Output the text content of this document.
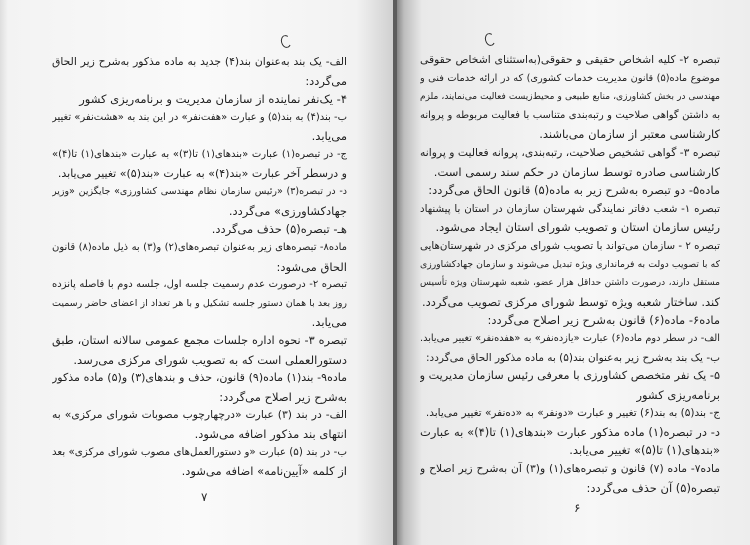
الف- یک بند به‌عنوان بند(۴) جدید به ماده مذکور به‌شرح زیر الحاق
می‌گردد:
۴- یک‌نفر نماینده از سازمان مدیریت و برنامه‌ریزی کشور
ب- بند(۴) به بند(۵) و عبارت «هفت‌نفر» در این بند به «هشت‌نفر» تغییر
می‌یابد.
ج- در تبصره(۱) عبارت «بندهای(۱) تا(۳)» به عبارت «بندهای(۱) تا(۴)»
و درسطر آخر عبارت «بند(۴)» به عبارت «بند(۵)» تغییر می‌یابد.
د- در تبصره(۳) «رئیس سازمان نظام مهندسی کشاورزی» جایگزین «وزیر
جهادکشاورزی» می‌گردد.
هـ- تبصره(۵) حذف می‌گردد.
ماده۸- تبصره‌های زیر به‌عنوان تبصره‌های(۲) و(۳) به ذیل ماده(۸) قانون
الحاق می‌شود:
تبصره ۲- درصورت عدم رسمیت جلسه اول، جلسه دوم با فاصله پانزده
روز بعد با همان دستور جلسه تشکیل و با هر تعداد از اعضای حاضر رسمیت
می‌یابد.
تبصره ۳- نحوه اداره جلسات مجمع عمومی سالانه استان، طبق
دستورالعملی است که به تصویب شورای مرکزی می‌رسد.
ماده۹- بند(۱) ماده(۹) قانون، حذف و بندهای(۳) و(۵) ماده مذکور
به‌شرح زیر اصلاح می‌گردد:
الف- در بند (۳) عبارت «درچهارچوب مصوبات شورای مرکزی» به
انتهای بند مذکور اضافه می‌شود.
ب- در بند (۵) عبارت «و دستورالعمل‌های مصوب شورای مرکزی» بعد
از کلمه «آیین‌نامه» اضافه می‌شود.
۷
تبصره ۲- کلیه اشخاص حقیقی و حقوقی(به‌استثنای اشخاص حقوقی
موضوع ماده(۵) قانون مدیریت خدمات کشوری) که در ارائه خدمات فنی و
مهندسی در بخش کشاورزی، منابع طبیعی و محیط‌زیست فعالیت می‌نمایند، ملزم
به داشتن گواهی صلاحیت و رتبه‌بندی متناسب با فعالیت مربوطه و پروانه
کارشناسی معتبر از سازمان می‌باشند.
تبصره ۳- گواهی تشخیص صلاحیت، رتبه‌بندی، پروانه فعالیت و پروانه
کارشناسی صادره توسط سازمان در حکم سند رسمی است.
ماده۵- دو تبصره به‌شرح زیر به ماده(۵) قانون الحاق می‌گردد:
تبصره ۱- شعب دفاتر نمایندگی شهرستان سازمان در استان با پیشنهاد
رئیس سازمان استان و تصویب شورای استان ایجاد می‌شود.
تبصره ۲ - سازمان می‌تواند با تصویب شورای مرکزی در شهرستان‌هایی
که با تصویب دولت به فرمانداری ویژه تبدیل می‌شوند و سازمان جهادکشاورزی
مستقل دارند، درصورت داشتن حداقل هزار عضو، شعبه شهرستان ویژه تأسیس
کند. ساختار شعبه ویژه توسط شورای مرکزی تصویب می‌گردد.
ماده۶- ماده(۶) قانون به‌شرح زیر اصلاح می‌گردد:
الف- در سطر دوم ماده(۶) عبارت «یازده‌نفر» به «هفده‌نفر» تغییر می‌یابد.
ب- یک بند به‌شرح زیر به‌عنوان بند(۵) به ماده مذکور الحاق می‌گردد:
۵- یک نفر متخصص کشاورزی با معرفی رئیس سازمان مدیریت و
برنامه‌ریزی کشور
ج- بند(۵) به بند(۶) تغییر و عبارت «دونفر» به «ده‌نفر» تغییر می‌یابد.
د- در تبصره(۱) ماده مذکور عبارت «بندهای(۱) تا(۴)» به عبارت
«بندهای(۱) تا(۵)» تغییر می‌یابد.
ماده۷- ماده (۷) قانون و تبصره‌های(۱) و(۳) آن به‌شرح زیر اصلاح و
تبصره(۵) آن حذف می‌گردد:
۶
